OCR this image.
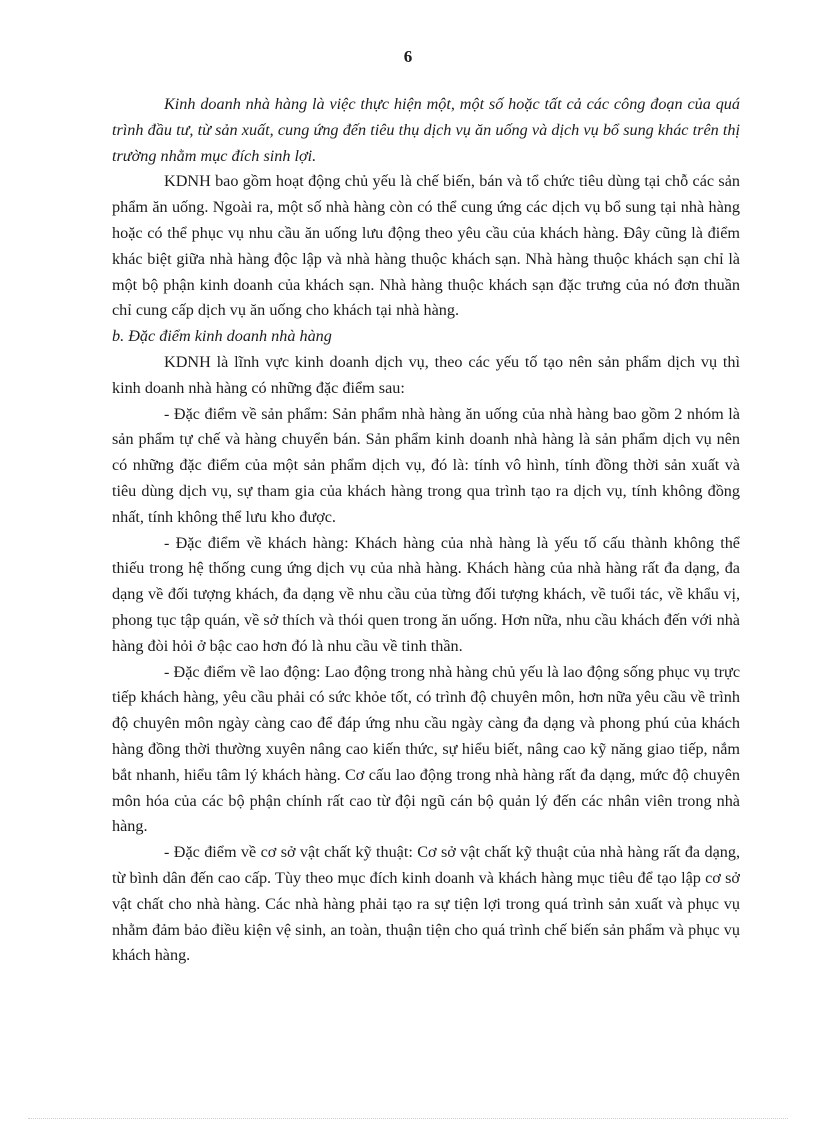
6

Kinh doanh nhà hàng là việc thực hiện một, một số hoặc tất cả các công đoạn của quá trình đầu tư, từ sản xuất, cung ứng đến tiêu thụ dịch vụ ăn uống và dịch vụ bổ sung khác trên thị trường nhằm mục đích sinh lợi.

KDNH bao gồm hoạt động chủ yếu là chế biến, bán và tổ chức tiêu dùng tại chỗ các sản phẩm ăn uống. Ngoài ra, một số nhà hàng còn có thể cung ứng các dịch vụ bổ sung tại nhà hàng hoặc có thể phục vụ nhu cầu ăn uống lưu động theo yêu cầu của khách hàng. Đây cũng là điểm khác biệt giữa nhà hàng độc lập và nhà hàng thuộc khách sạn. Nhà hàng thuộc khách sạn chỉ là một bộ phận kinh doanh của khách sạn. Nhà hàng thuộc khách sạn đặc trưng của nó đơn thuần chỉ cung cấp dịch vụ ăn uống cho khách tại nhà hàng.

b. Đặc điểm kinh doanh nhà hàng

KDNH là lĩnh vực kinh doanh dịch vụ, theo các yếu tố tạo nên sản phẩm dịch vụ thì kinh doanh nhà hàng có những đặc điểm sau:

- Đặc điểm về sản phẩm: Sản phẩm nhà hàng ăn uống của nhà hàng bao gồm 2 nhóm là sản phẩm tự chế và hàng chuyển bán. Sản phẩm kinh doanh nhà hàng là sản phẩm dịch vụ nên có những đặc điểm của một sản phẩm dịch vụ, đó là: tính vô hình, tính đồng thời sản xuất và tiêu dùng dịch vụ, sự tham gia của khách hàng trong qua trình tạo ra dịch vụ, tính không đồng nhất, tính không thể lưu kho được.

- Đặc điểm về khách hàng: Khách hàng của nhà hàng là yếu tố cấu thành không thể thiếu trong hệ thống cung ứng dịch vụ của nhà hàng. Khách hàng của nhà hàng rất đa dạng, đa dạng về đối tượng khách, đa dạng về nhu cầu của từng đối tượng khách, về tuổi tác, về khẩu vị, phong tục tập quán, về sở thích và thói quen trong ăn uống. Hơn nữa, nhu cầu khách đến với nhà hàng đòi hỏi ở bậc cao hơn đó là nhu cầu về tinh thần.

- Đặc điểm về lao động: Lao động trong nhà hàng chủ yếu là lao động sống phục vụ trực tiếp khách hàng, yêu cầu phải có sức khỏe tốt, có trình độ chuyên môn, hơn nữa yêu cầu về trình độ chuyên môn ngày càng cao để đáp ứng nhu cầu ngày càng đa dạng và phong phú của khách hàng đồng thời thường xuyên nâng cao kiến thức, sự hiểu biết, nâng cao kỹ năng giao tiếp, nắm bắt nhanh, hiểu tâm lý khách hàng. Cơ cấu lao động trong nhà hàng rất đa dạng, mức độ chuyên môn hóa của các bộ phận chính rất cao từ đội ngũ cán bộ quản lý đến các nhân viên trong nhà hàng.

- Đặc điểm về cơ sở vật chất kỹ thuật: Cơ sở vật chất kỹ thuật của nhà hàng rất đa dạng, từ bình dân đến cao cấp. Tùy theo mục đích kinh doanh và khách hàng mục tiêu để tạo lập cơ sở vật chất cho nhà hàng. Các nhà hàng phải tạo ra sự tiện lợi trong quá trình sản xuất và phục vụ nhằm đảm bảo điều kiện vệ sinh, an toàn, thuận tiện cho quá trình chế biến sản phẩm và phục vụ khách hàng.
